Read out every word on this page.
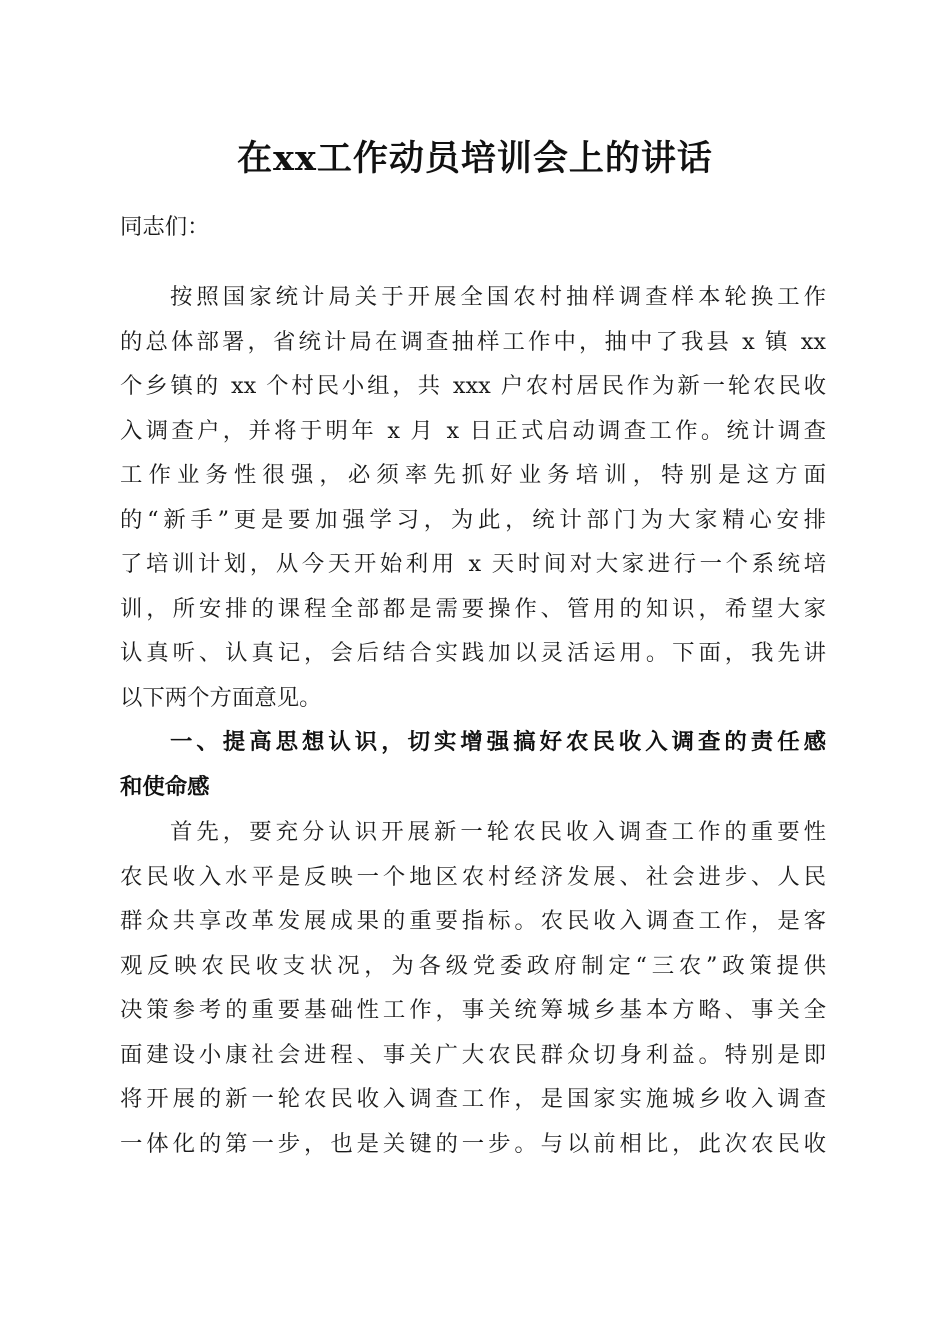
在xx工作动员培训会上的讲话
同志们：
按照国家统计局关于开展全国农村抽样调查样本轮换工作
的总体部署，省统计局在调查抽样工作中，抽中了我县 x 镇 xx
个乡镇的 xx 个村民小组，共 xxx 户农村居民作为新一轮农民收
入调查户，并将于明年 x 月 x 日正式启动调查工作。统计调查
工作业务性很强，必须率先抓好业务培训，特别是这方面
的“新手”更是要加强学习，为此，统计部门为大家精心安排
了培训计划，从今天开始利用 x 天时间对大家进行一个系统培
训，所安排的课程全部都是需要操作、管用的知识，希望大家
认真听、认真记，会后结合实践加以灵活运用。下面，我先讲
以下两个方面意见。
一、提高思想认识，切实增强搞好农民收入调查的责任感
和使命感
首先，要充分认识开展新一轮农民收入调查工作的重要性
农民收入水平是反映一个地区农村经济发展、社会进步、人民
群众共享改革发展成果的重要指标。农民收入调查工作，是客
观反映农民收支状况，为各级党委政府制定“三农”政策提供
决策参考的重要基础性工作，事关统筹城乡基本方略、事关全
面建设小康社会进程、事关广大农民群众切身利益。特别是即
将开展的新一轮农民收入调查工作，是国家实施城乡收入调查
一体化的第一步，也是关键的一步。与以前相比，此次农民收
